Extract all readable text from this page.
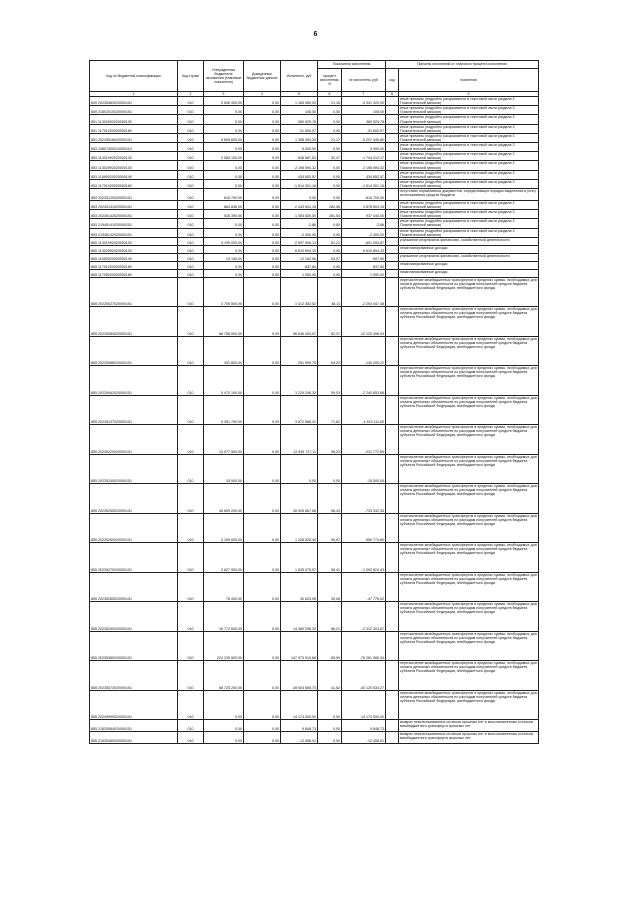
6
Код по бюджетной классификации	Код строки	Утвержденные бюджетные назначения (плановые показатели)	Доведенные бюджетные данные	Исполнено, руб	Показатели исполнения		Причины отклонений от планового процента исполнения	
					процент исполнения, %	не исполнено, руб	код	пояснения
1	2	3	4	5	6	7	8	9
849 20235483020000151	010	5 506 400,00	0,00	1 165 080,00	21,16	-4 341 320,00		иные причины (подробно раскрывается в текстовой части раздела 3 Пояснительной записки)
849 21802010020000151	010	0,00	0,00	108,00	0,00	108,00		иные причины (подробно раскрывается в текстовой части раздела 3 Пояснительной записки)
851 11302992020000130	010	0,00	0,00	380 529,78	0,00	380 529,78		иные причины (подробно раскрывается в текстовой части раздела 3 Пояснительной записки)
851 11701020020000180	010	0,00	0,00	-31 600,07	0,00	-31 600,07		иные причины (подробно раскрывается в текстовой части раздела 3 Пояснительной записки)
851 20225516020000151	010	6 605 600,00	0,00	1 398 354,20	21,17	-5 207 445,80		иные причины (подробно раскрывается в текстовой части раздела 3 Пояснительной записки)
853 10807300010000110	010	0,00	0,00	5 000,00	0,00	5 000,00		иные причины (подробно раскрывается в текстовой части раздела 3 Пояснительной записки)
853 11301992020000130	010	2 583 100,00	0,00	838 687,83	32,47	-1 744 412,17		иные причины (подробно раскрывается в текстовой части раздела 3 Пояснительной записки)
853 11302992020000130	010	0,00	0,00	2 198 594,32	0,00	2 198 594,32		иные причины (подробно раскрывается в текстовой части раздела 3 Пояснительной записки)
853 11690020020000140	010	0,00	0,00	434 652,57	0,00	434 652,57		иные причины (подробно раскрывается в текстовой части раздела 3 Пояснительной записки)
853 11701020020000180	010	0,00	0,00	-1 514 301,18	0,00	-1 514 301,18		иные причины (подробно раскрывается в текстовой части раздела 3 Пояснительной записки)
853 20235120020000151	010	816 700,00	0,00	0,00	0,00	-816 700,00		отсутствие нормативных документов, определяющих порядок выделения и (или) использования средств бюджета
853 20245141020000151	010	864 838,00	0,00	2 443 641,15	282,56	1 578 803,15		иные причины (подробно раскрывается в текстовой части раздела 3 Пояснительной записки)
853 20245142020000151	010	516 390,00	0,00	1 453 830,00	281,54	937 440,00		иные причины (подробно раскрывается в текстовой части раздела 3 Пояснительной записки)
853 21945141020000151	010	0,00	0,00	-2,86	0,00	-2,86		иные причины (подробно раскрывается в текстовой части раздела 3 Пояснительной записки)
853 21945142020000151	010	0,00	0,00	-2 400,00	0,00	-2 400,00		иные причины (подробно раскрывается в текстовой части раздела 3 Пояснительной записки)
855 11301992020000130	010	3 199 000,00	0,00	2 597 906,13	81,21	-601 093,87		улучшение результатов финансово -хозяйственной деятельности
855 11302992020000130	010	0,00	0,00	6 610 894,33	0,00	6 610 894,33		незапланированные доходы
855 11690020020000140	010	13 100,00	0,00	12 192,50	93,07	-907,50		улучшение результатов финансово -хозяйственной деятельности
855 11701020020000180	010	0,00	0,00	837,84	0,00	837,84		незапланированные доходы
855 11705020020000180	010	0,00	0,00	1 050,00	0,00	1 050,00		незапланированные доходы
855 20225027020000151	010	3 705 800,00	0,00	1 412 352,52	38,11	-2 293 447,48		перечисление межбюджетных трансфертов в пределах суммы, необходимых для оплаты денежных обязательств по расходам получателей средств бюджета субъекта Российской Федерации, внебюджетного фонда
855 20225084020000151	010	68 756 900,00	0,00	56 636 403,07	82,37	-12 120 496,93		перечисление межбюджетных трансфертов в пределах суммы, необходимых для оплаты денежных обязательств по расходам получателей средств бюджета субъекта Российской Федерации, внебюджетного фонда
855 20225086020000151	010	391 800,00	0,00	251 599,78	64,22	-140 200,22		перечисление межбюджетных трансфертов в пределах суммы, необходимых для оплаты денежных обязательств по расходам получателей средств бюджета субъекта Российской Федерации, внебюджетного фонда
855 20225462020000151	010	5 470 100,00	0,00	3 229 246,32	59,03	-2 240 853,68		перечисление межбюджетных трансфертов в пределах суммы, необходимых для оплаты денежных обязательств по расходам получателей средств бюджета субъекта Российской Федерации, внебюджетного фонда
855 20235137020000151	010	5 391 700,00	0,00	3 872 588,31	71,82	-1 519 111,69		перечисление межбюджетных трансфертов в пределах суммы, необходимых для оплаты денежных обязательств по расходам получателей средств бюджета субъекта Российской Федерации, внебюджетного фонда
855 20235220020000151	010	13 077 500,00	0,00	12 845 727,11	98,23	-231 772,89		перечисление межбюджетных трансфертов в пределах суммы, необходимых для оплаты денежных обязательств по расходам получателей средств бюджета субъекта Российской Федерации, внебюджетного фонда
855 20235240020000151	010	15 500,00	0,00	0,00	0,00	-15 500,00		перечисление межбюджетных трансфертов в пределах суммы, необходимых для оплаты денежных обязательств по расходам получателей средств бюджета субъекта Российской Федерации, внебюджетного фонда
855 20235250020000151	010	46 659 200,00	0,00	45 925 867,66	98,43	-733 332,34		перечисление межбюджетных трансфертов в пределах суммы, необходимых для оплаты денежных обязательств по расходам получателей средств бюджета субъекта Российской Федерации, внебюджетного фонда
855 20235260020000151	010	2 159 600,00	0,00	1 208 825,40	55,97	-950 774,60		перечисление межбюджетных трансфертов в пределах суммы, необходимых для оплаты денежных обязательств по расходам получателей средств бюджета субъекта Российской Федерации, внебюджетного фонда
855 20235270020000151	010	2 627 900,00	0,00	1 535 075,57	58,41	-1 092 824,43		перечисление межбюджетных трансфертов в пределах суммы, необходимых для оплаты денежных обязательств по расходам получателей средств бюджета субъекта Российской Федерации, внебюджетного фонда
855 20235280020000151	010	78 400,00	0,00	30 623,98	39,06	-47 776,02		перечисление межбюджетных трансфертов в пределах суммы, необходимых для оплаты денежных обязательств по расходам получателей средств бюджета субъекта Российской Федерации, внебюджетного фонда
855 20235290020000151	010	16 772 600,00	0,00	14 460 296,33	86,21	-2 312 303,67		перечисление межбюджетных трансфертов в пределах суммы, необходимых для оплаты денежных обязательств по расходам получателей средств бюджета субъекта Российской Федерации, внебюджетного фонда
855 20235380020000151	010	224 235 500,00	0,00	147 973 519,66	65,99	-76 261 980,34		перечисление межбюджетных трансфертов в пределах суммы, необходимых для оплаты денежных обязательств по расходам получателей средств бюджета субъекта Российской Федерации, внебюджетного фонда
855 20235573020000151	010	68 725 200,00	0,00	28 604 665,73	41,62	-40 120 534,27		перечисление межбюджетных трансфертов в пределах суммы, необходимых для оплаты денежных обязательств по расходам получателей средств бюджета субъекта Российской Федерации, внебюджетного фонда
855 20249999020000151	010	0,00	0,00	14 174 000,00	0,00	14 174 000,00		перечисление межбюджетных трансфертов в пределах суммы, необходимых для оплаты денежных обязательств по расходам получателей средств бюджета субъекта Российской Федерации, внебюджетного фонда
855 21825084020000151	010	0,00	0,00	9 848,73	0,00	9 848,73		возврат неиспользованных остатков прошлых лет и восстановленных остатков межбюджетного трансферта прошлых лет
855 21925460020000151	010	0,00	0,00	-12 458,91	0,00	-12 458,91		возврат неиспользованных остатков прошлых лет и восстановленных остатков межбюджетного трансферта прошлых лет
